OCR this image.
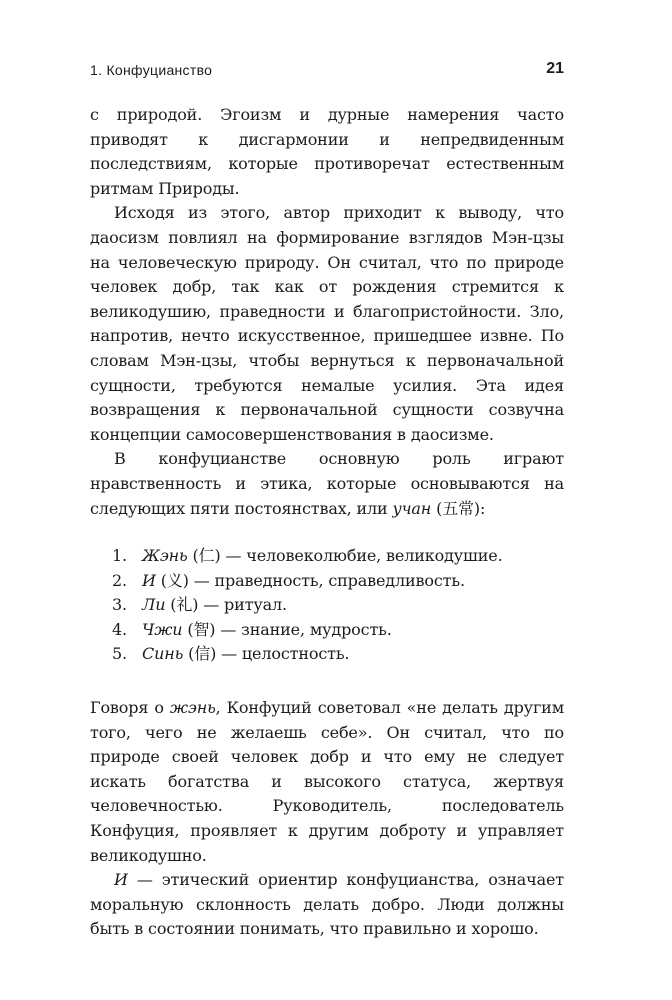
1. Конфуцианство	21

с природой. Эгоизм и дурные намерения часто приводят к дисгармонии и непредвиденным последствиям, которые противоречат естественным ритмам Природы.

Исходя из этого, автор приходит к выводу, что даосизм повлиял на формирование взглядов Мэн-цзы на человеческую природу. Он считал, что по природе человек добр, так как от рождения стремится к великодушию, праведности и благопристойности. Зло, напротив, нечто искусственное, пришедшее извне. По словам Мэн-цзы, чтобы вернуться к первоначальной сущности, требуются немалые усилия. Эта идея возвращения к первоначальной сущности созвучна концепции самосовершенствования в даосизме.

В конфуцианстве основную роль играют нравственность и этика, которые основываются на следующих пяти постоянствах, или учан (五常):

1. Жэнь (仁) — человеколюбие, великодушие.
2. И (义) — праведность, справедливость.
3. Ли (礼) — ритуал.
4. Чжи (智) — знание, мудрость.
5. Синь (信) — целостность.

Говоря о жэнь, Конфуций советовал «не делать другим того, чего не желаешь себе». Он считал, что по природе своей человек добр и что ему не следует искать богатства и высокого статуса, жертвуя человечностью. Руководитель, последователь Конфуция, проявляет к другим доброту и управляет великодушно.

И — этический ориентир конфуцианства, означает моральную склонность делать добро. Люди должны быть в состоянии понимать, что правильно и хорошо.
